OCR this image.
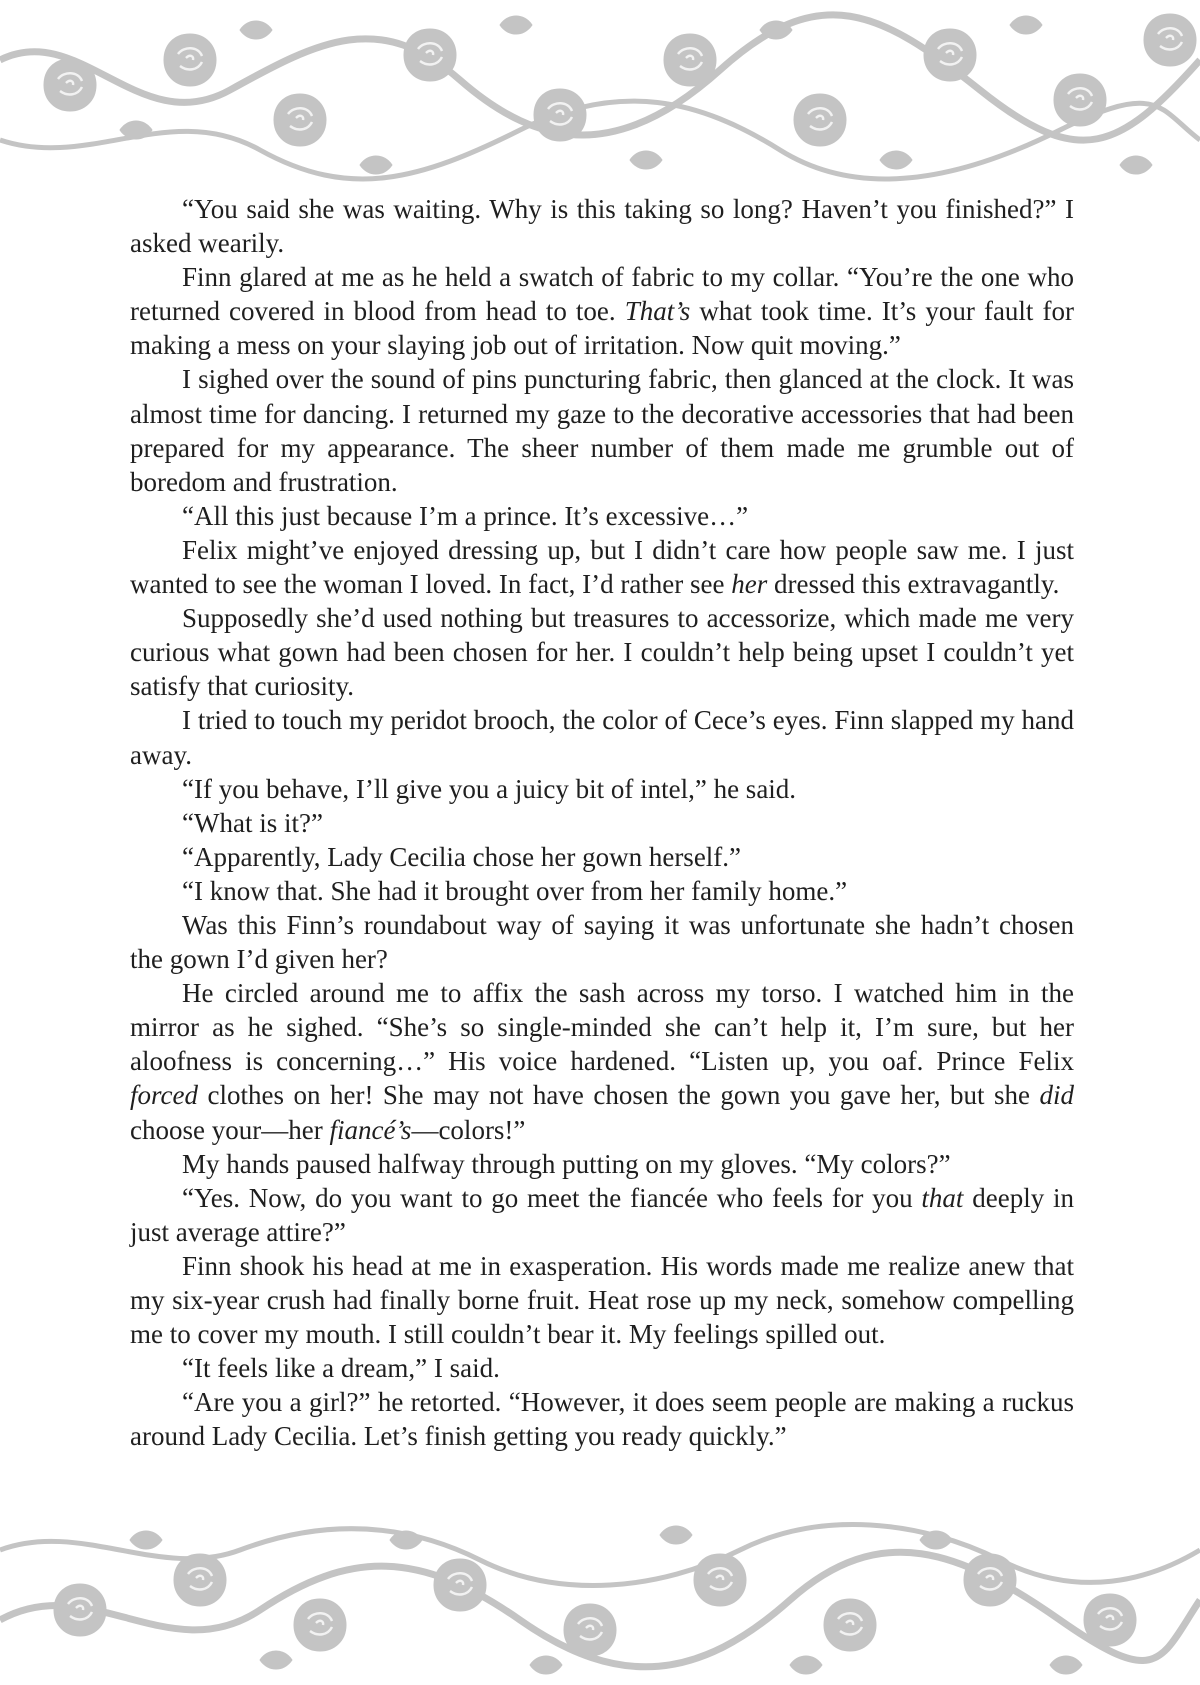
“You said she was waiting. Why is this taking so long? Haven’t you finished?” I asked wearily.

Finn glared at me as he held a swatch of fabric to my collar. “You’re the one who returned covered in blood from head to toe. That’s what took time. It’s your fault for making a mess on your slaying job out of irritation. Now quit moving.”

I sighed over the sound of pins puncturing fabric, then glanced at the clock. It was almost time for dancing. I returned my gaze to the decorative accessories that had been prepared for my appearance. The sheer number of them made me grumble out of boredom and frustration.

“All this just because I’m a prince. It’s excessive…”

Felix might’ve enjoyed dressing up, but I didn’t care how people saw me. I just wanted to see the woman I loved. In fact, I’d rather see her dressed this extravagantly.

Supposedly she’d used nothing but treasures to accessorize, which made me very curious what gown had been chosen for her. I couldn’t help being upset I couldn’t yet satisfy that curiosity.

I tried to touch my peridot brooch, the color of Cece’s eyes. Finn slapped my hand away.

“If you behave, I’ll give you a juicy bit of intel,” he said.

“What is it?”

“Apparently, Lady Cecilia chose her gown herself.”

“I know that. She had it brought over from her family home.”

Was this Finn’s roundabout way of saying it was unfortunate she hadn’t chosen the gown I’d given her?

He circled around me to affix the sash across my torso. I watched him in the mirror as he sighed. “She’s so single-minded she can’t help it, I’m sure, but her aloofness is concerning…” His voice hardened. “Listen up, you oaf. Prince Felix forced clothes on her! She may not have chosen the gown you gave her, but she did choose your—her fiancé’s—colors!”

My hands paused halfway through putting on my gloves. “My colors?”

“Yes. Now, do you want to go meet the fiancée who feels for you that deeply in just average attire?”

Finn shook his head at me in exasperation. His words made me realize anew that my six-year crush had finally borne fruit. Heat rose up my neck, somehow compelling me to cover my mouth. I still couldn’t bear it. My feelings spilled out.

“It feels like a dream,” I said.

“Are you a girl?” he retorted. “However, it does seem people are making a ruckus around Lady Cecilia. Let’s finish getting you ready quickly.”
